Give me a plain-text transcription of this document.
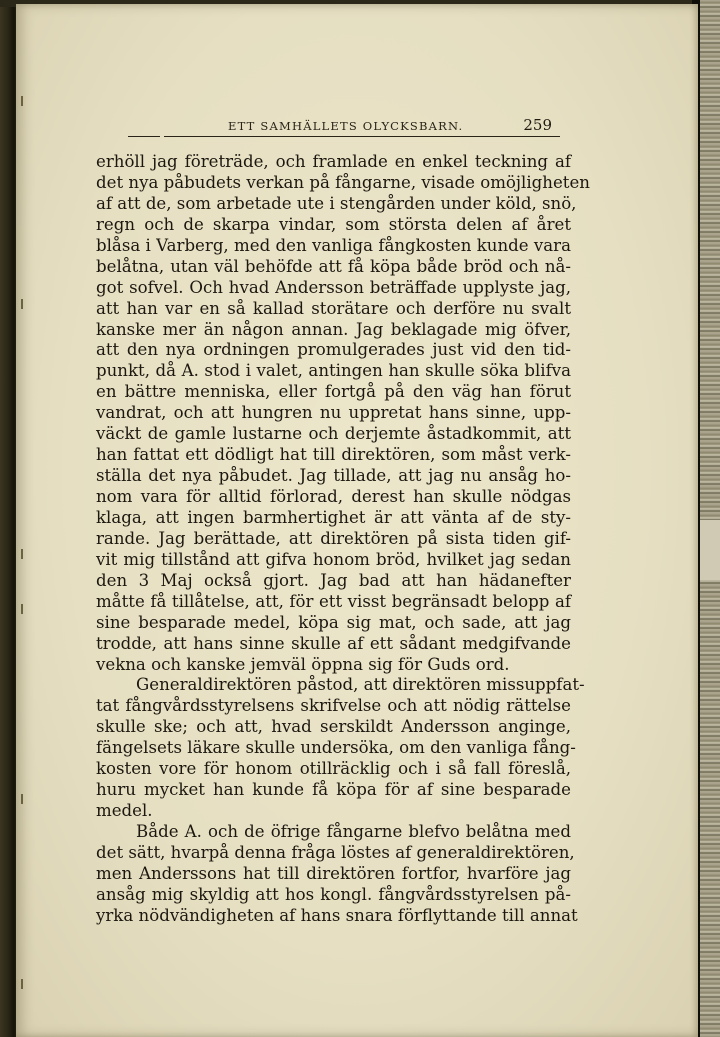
ETT SAMHÄLLETS OLYCKSBARN.	259
erhöll jag företräde, och framlade en enkel teckning af
det nya påbudets verkan på fångarne, visade omöjligheten
af att de, som arbetade ute i stengården under köld, snö,
regn och de skarpa vindar, som största delen af året
blåsa i Varberg, med den vanliga fångkosten kunde vara
belåtna, utan väl behöfde att få köpa både bröd och nå-
got sofvel. Och hvad Andersson beträffade upplyste jag,
att han var en så kallad storätare och derföre nu svalt
kanske mer än någon annan. Jag beklagade mig öfver,
att den nya ordningen promulgerades just vid den tid-
punkt, då A. stod i valet, antingen han skulle söka blifva
en bättre menniska, eller fortgå på den väg han förut
vandrat, och att hungren nu uppretat hans sinne, upp-
väckt de gamle lustarne och derjemte åstadkommit, att
han fattat ett dödligt hat till direktören, som måst verk-
ställa det nya påbudet. Jag tillade, att jag nu ansåg ho-
nom vara för alltid förlorad, derest han skulle nödgas
klaga, att ingen barmhertighet är att vänta af de sty-
rande. Jag berättade, att direktören på sista tiden gif-
vit mig tillstånd att gifva honom bröd, hvilket jag sedan
den 3 Maj också gjort. Jag bad att han hädanefter
måtte få tillåtelse, att, för ett visst begränsadt belopp af
sine besparade medel, köpa sig mat, och sade, att jag
trodde, att hans sinne skulle af ett sådant medgifvande
vekna och kanske jemväl öppna sig för Guds ord.
Generaldirektören påstod, att direktören missuppfat-
tat fångvårdsstyrelsens skrifvelse och att nödig rättelse
skulle ske; och att, hvad serskildt Andersson anginge,
fängelsets läkare skulle undersöka, om den vanliga fång-
kosten vore för honom otillräcklig och i så fall föreslå,
huru mycket han kunde få köpa för af sine besparade
medel.
Både A. och de öfrige fångarne blefvo belåtna med
det sätt, hvarpå denna fråga löstes af generaldirektören,
men Anderssons hat till direktören fortfor, hvarföre jag
ansåg mig skyldig att hos kongl. fångvårdsstyrelsen på-
yrka nödvändigheten af hans snara förflyttande till annat
